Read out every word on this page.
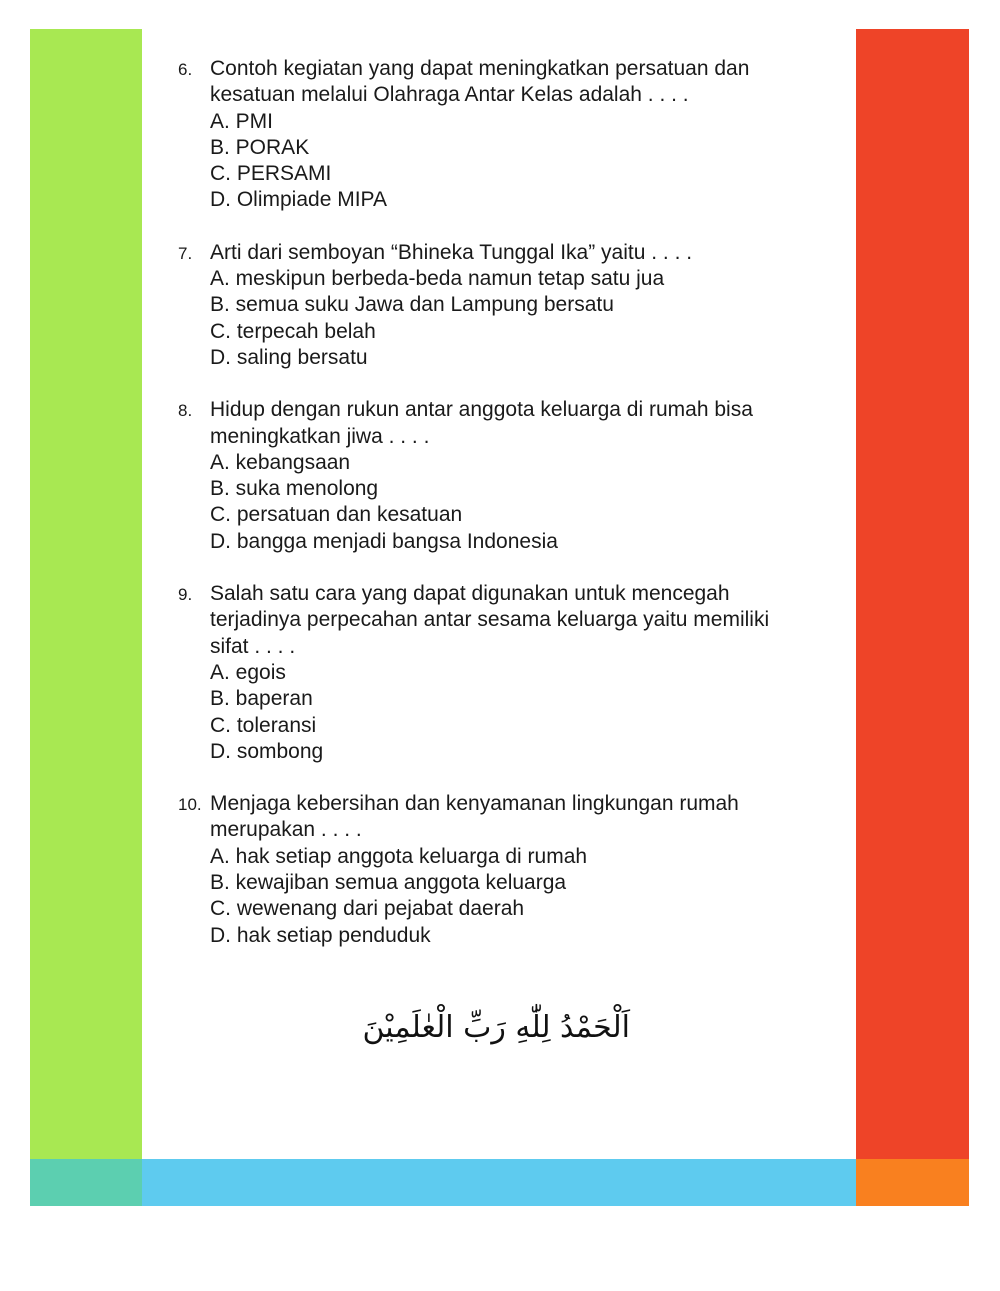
6. Contoh kegiatan yang dapat meningkatkan persatuan dan
kesatuan melalui Olahraga Antar Kelas adalah . . . .
A. PMI
B. PORAK
C. PERSAMI
D. Olimpiade MIPA
7. Arti dari semboyan “Bhineka Tunggal Ika” yaitu . . . .
A. meskipun berbeda-beda namun tetap satu jua
B. semua suku Jawa dan Lampung bersatu
C. terpecah belah
D. saling bersatu
8. Hidup dengan rukun antar anggota keluarga di rumah bisa
meningkatkan jiwa . . . .
A. kebangsaan
B. suka menolong
C. persatuan dan kesatuan
D. bangga menjadi bangsa Indonesia
9. Salah satu cara yang dapat digunakan untuk mencegah
terjadinya perpecahan antar sesama keluarga yaitu memiliki
sifat . . . .
A. egois
B. baperan
C. toleransi
D. sombong
10. Menjaga kebersihan dan kenyamanan lingkungan rumah
merupakan . . . .
A. hak setiap anggota keluarga di rumah
B. kewajiban semua anggota keluarga
C. wewenang dari pejabat daerah
D. hak setiap penduduk
اَلْحَمْدُ لِلّٰهِ رَبِّ الْعٰلَمِيْنَ
